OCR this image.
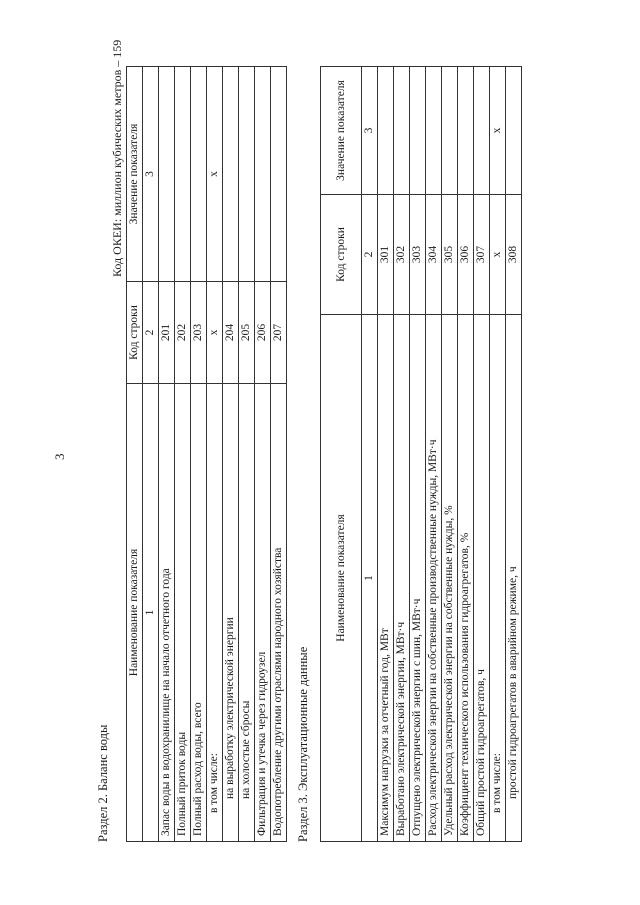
3
Раздел 2. Баланс воды
Код ОКЕИ: миллион кубических метров – 159
Наименование показателя	Код строки	Значение показателя
1	2	3
Запас воды в водохранилище на начало отчетного года	201	
Полный приток воды	202	
Полный расход воды, всего	203	
в том числе:	x	x
на выработку электрической энергии	204	
на холостые сбросы	205	
Фильтрация и утечка через гидроузел	206	
Водопотребление другими отраслями народного хозяйства	207	
Раздел 3. Эксплуатационные данные
Наименование показателя	Код строки	Значение показателя
1	2	3
Максимум нагрузки за отчетный год, МВт	301	
Выработано электрической энергии, МВт·ч	302	
Отпущено электрической энергии с шин, МВт·ч	303	
Расход электрической энергии на собственные производственные нужды, МВт·ч	304	
Удельный расход электрической энергии на собственные нужды, %	305	
Коэффициент технического использования гидроагрегатов, %	306	
Общий простой гидроагрегатов, ч	307	
в том числе:	x	x
простой гидроагрегатов в аварийном режиме, ч	308	
